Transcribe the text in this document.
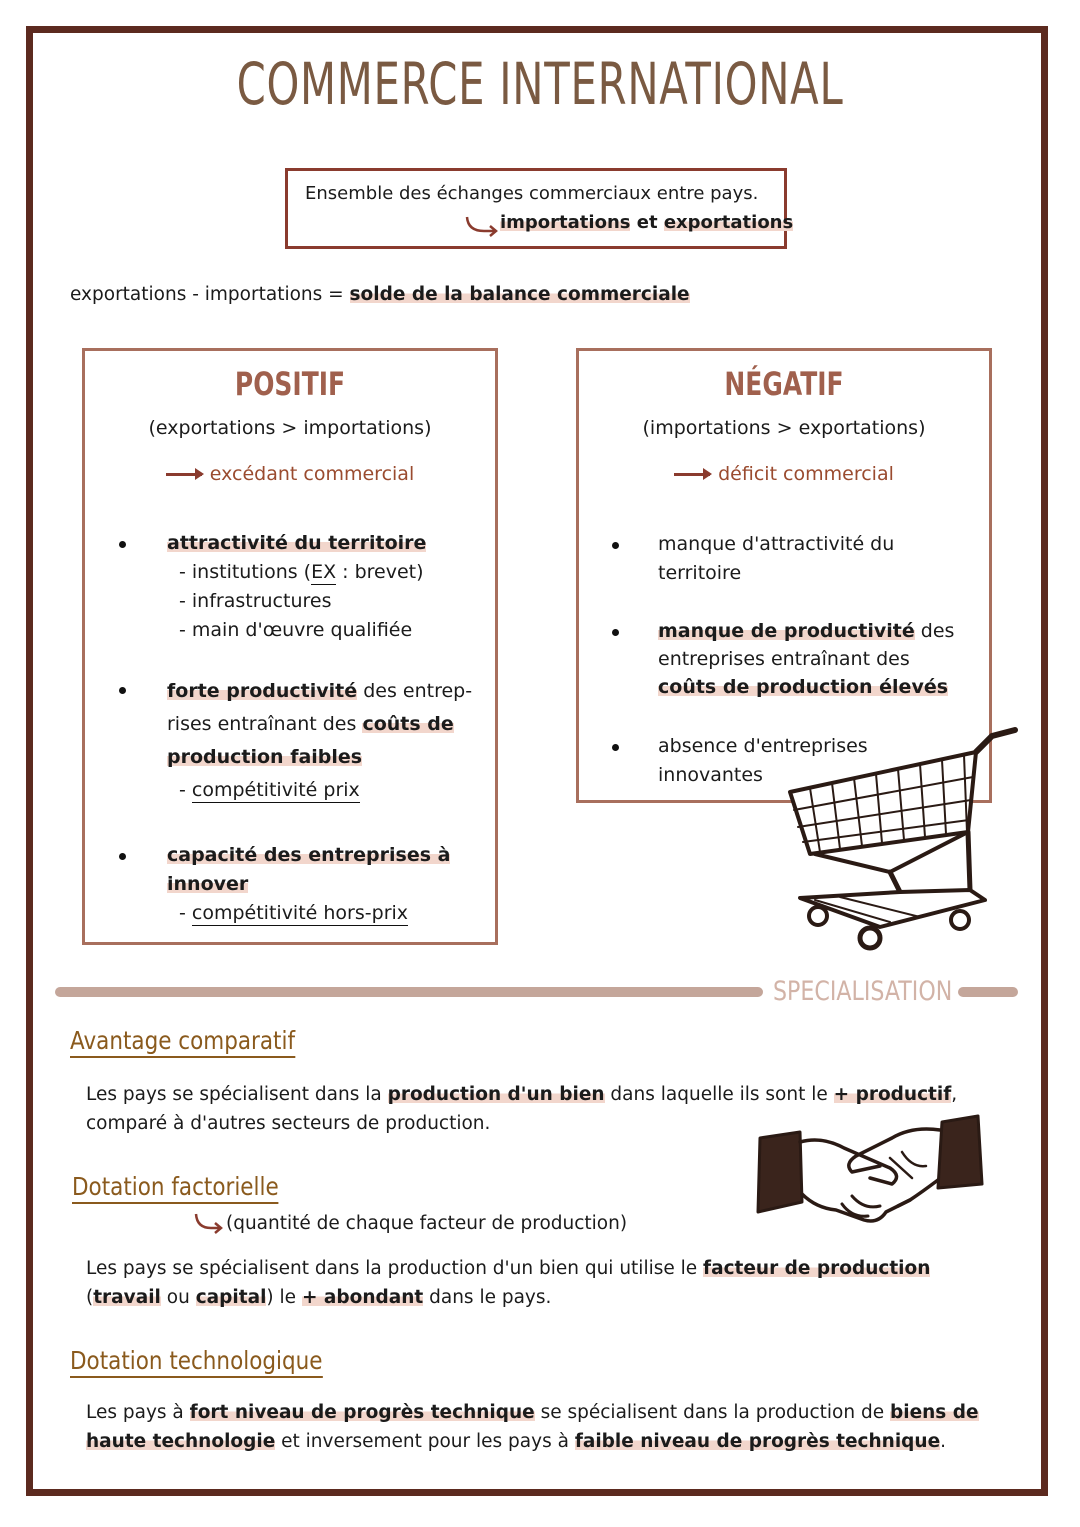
COMMERCE INTERNATIONAL
Ensemble des échanges commerciaux entre pays.
importations et exportations
exportations - importations = solde de la balance commerciale
POSITIF
(exportations > importations)
excédant commercial
attractivité du territoire
- institutions (EX : brevet)
- infrastructures
- main d'œuvre qualifiée
forte productivité des entrep-
rises entraînant des coûts de
production faibles
- compétitivité prix
capacité des entreprises à
innover
- compétitivité hors-prix
NÉGATIF
(importations > exportations)
déficit commercial
manque d'attractivité du
territoire
manque de productivité des
entreprises entraînant des
coûts de production élevés
absence d'entreprises
innovantes
SPECIALISATION
Avantage comparatif
Les pays se spécialisent dans la production d'un bien dans laquelle ils sont le + productif,
comparé à d'autres secteurs de production.
Dotation factorielle
(quantité de chaque facteur de production)
Les pays se spécialisent dans la production d'un bien qui utilise le facteur de production
(travail ou capital) le + abondant dans le pays.
Dotation technologique
Les pays à fort niveau de progrès technique se spécialisent dans la production de biens de
haute technologie et inversement pour les pays à faible niveau de progrès technique.
